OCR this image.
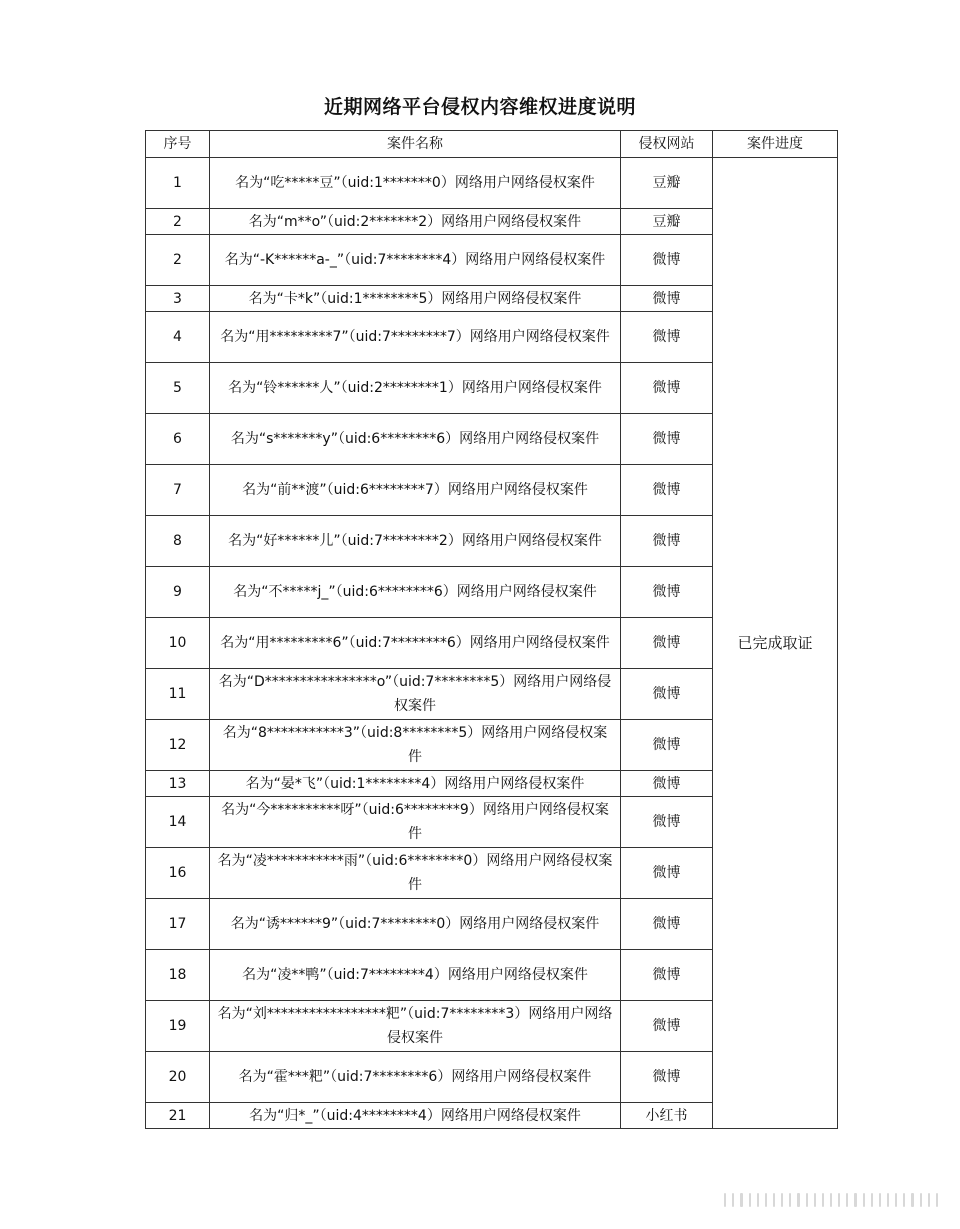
近期网络平台侵权内容维权进度说明
序号	案件名称	侵权网站	案件进度
1	名为“吃*****豆”（uid:1*******0）网络用户网络侵权案件	豆瓣	已完成取证
2	名为“m**o”（uid:2*******2）网络用户网络侵权案件	豆瓣	
2	名为“-K******a-_”（uid:7********4）网络用户网络侵权案件	微博	
3	名为“卡*k”（uid:1********5）网络用户网络侵权案件	微博	
4	名为“用*********7”（uid:7********7）网络用户网络侵权案件	微博	
5	名为“铃******人”（uid:2********1）网络用户网络侵权案件	微博	
6	名为“s*******y”（uid:6********6）网络用户网络侵权案件	微博	
7	名为“前**渡”（uid:6********7）网络用户网络侵权案件	微博	
8	名为“好******儿”（uid:7********2）网络用户网络侵权案件	微博	
9	名为“不*****j_”（uid:6********6）网络用户网络侵权案件	微博	
10	名为“用*********6”（uid:7********6）网络用户网络侵权案件	微博	
11	名为“D****************o”（uid:7********5）网络用户网络侵权案件	微博	
12	名为“8***********3”（uid:8********5）网络用户网络侵权案件	微博	
13	名为“晏*飞”（uid:1********4）网络用户网络侵权案件	微博	
14	名为“今**********呀”（uid:6********9）网络用户网络侵权案件	微博	
16	名为“凌***********雨”（uid:6********0）网络用户网络侵权案件	微博	
17	名为“诱******9”（uid:7********0）网络用户网络侵权案件	微博	
18	名为“凌**鸭”（uid:7********4）网络用户网络侵权案件	微博	
19	名为“刘*****************粑”（uid:7********3）网络用户网络侵权案件	微博	
20	名为“霍***粑”（uid:7********6）网络用户网络侵权案件	微博	
21	名为“归*_”（uid:4********4）网络用户网络侵权案件	小红书	
